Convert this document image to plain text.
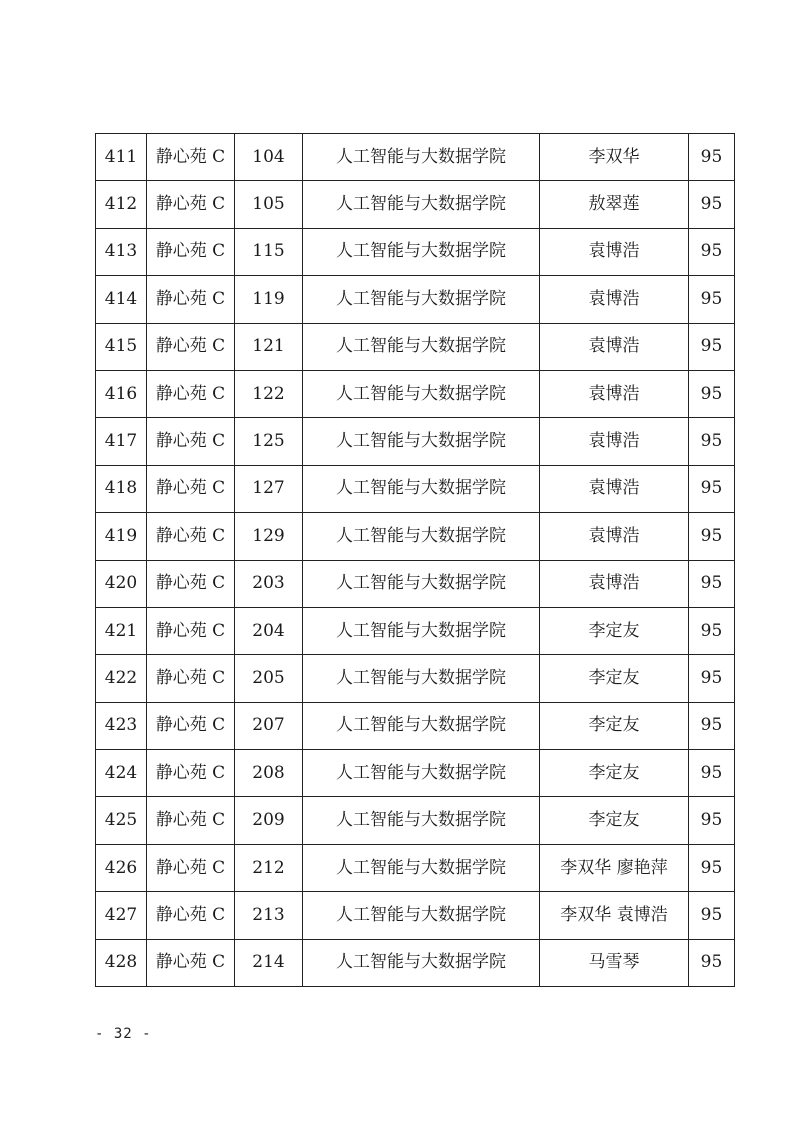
411	静心苑 C	104	人工智能与大数据学院	李双华	95
412	静心苑 C	105	人工智能与大数据学院	敖翠莲	95
413	静心苑 C	115	人工智能与大数据学院	袁博浩	95
414	静心苑 C	119	人工智能与大数据学院	袁博浩	95
415	静心苑 C	121	人工智能与大数据学院	袁博浩	95
416	静心苑 C	122	人工智能与大数据学院	袁博浩	95
417	静心苑 C	125	人工智能与大数据学院	袁博浩	95
418	静心苑 C	127	人工智能与大数据学院	袁博浩	95
419	静心苑 C	129	人工智能与大数据学院	袁博浩	95
420	静心苑 C	203	人工智能与大数据学院	袁博浩	95
421	静心苑 C	204	人工智能与大数据学院	李定友	95
422	静心苑 C	205	人工智能与大数据学院	李定友	95
423	静心苑 C	207	人工智能与大数据学院	李定友	95
424	静心苑 C	208	人工智能与大数据学院	李定友	95
425	静心苑 C	209	人工智能与大数据学院	李定友	95
426	静心苑 C	212	人工智能与大数据学院	李双华 廖艳萍	95
427	静心苑 C	213	人工智能与大数据学院	李双华 袁博浩	95
428	静心苑 C	214	人工智能与大数据学院	马雪琴	95
- 32 -
